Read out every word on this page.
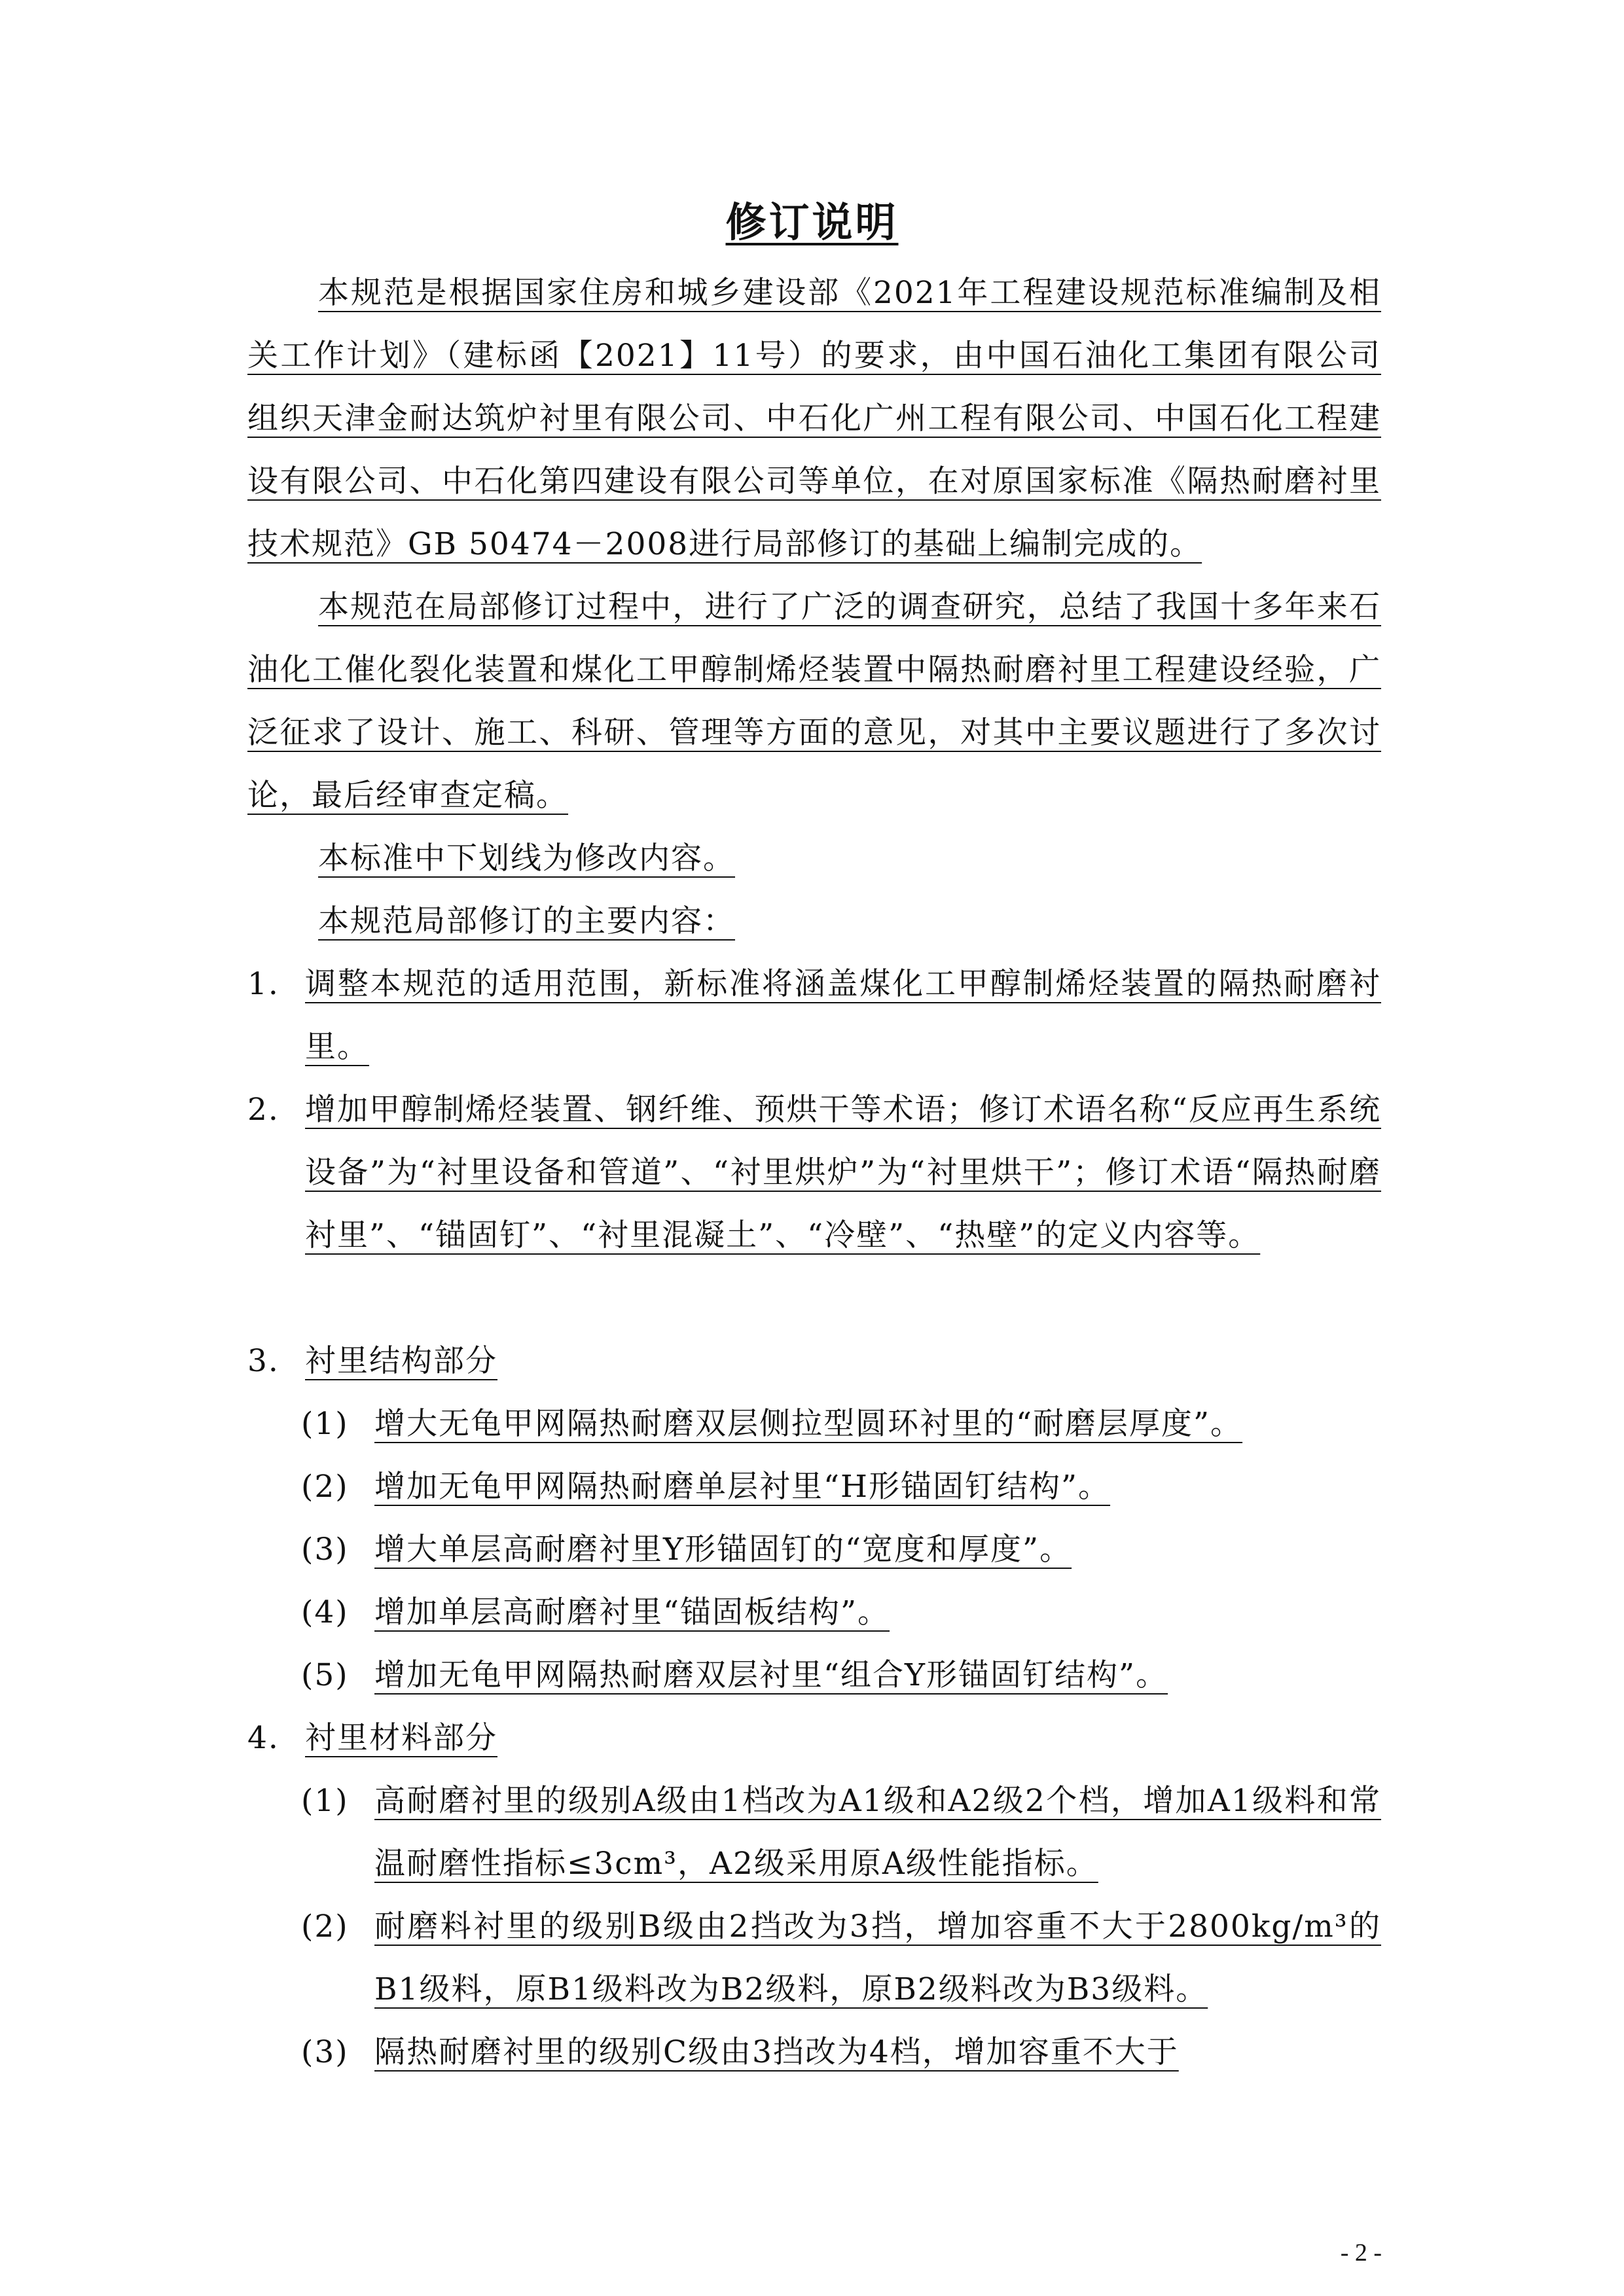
修订说明
本规范是根据国家住房和城乡建设部《2021年工程建设规范标准编制及相关工作计划》（建标函【2021】11号）的要求，由中国石油化工集团有限公司组织天津金耐达筑炉衬里有限公司、中石化广州工程有限公司、中国石化工程建设有限公司、中石化第四建设有限公司等单位，在对原国家标准《隔热耐磨衬里技术规范》GB 50474－2008进行局部修订的基础上编制完成的。
本规范在局部修订过程中，进行了广泛的调查研究，总结了我国十多年来石油化工催化裂化装置和煤化工甲醇制烯烃装置中隔热耐磨衬里工程建设经验，广泛征求了设计、施工、科研、管理等方面的意见，对其中主要议题进行了多次讨论，最后经审查定稿。
本标准中下划线为修改内容。
本规范局部修订的主要内容：
1. 调整本规范的适用范围，新标准将涵盖煤化工甲醇制烯烃装置的隔热耐磨衬里。
2. 增加甲醇制烯烃装置、钢纤维、预烘干等术语；修订术语名称“反应再生系统设备”为“衬里设备和管道”、“衬里烘炉”为“衬里烘干”；修订术语“隔热耐磨衬里”、“锚固钉”、“衬里混凝土”、“冷壁”、“热壁”的定义内容等。
3. 衬里结构部分
(1) 增大无龟甲网隔热耐磨双层侧拉型圆环衬里的“耐磨层厚度”。
(2) 增加无龟甲网隔热耐磨单层衬里“H形锚固钉结构”。
(3) 增大单层高耐磨衬里Y形锚固钉的“宽度和厚度”。
(4) 增加单层高耐磨衬里“锚固板结构”。
(5) 增加无龟甲网隔热耐磨双层衬里“组合Y形锚固钉结构”。
4. 衬里材料部分
(1) 高耐磨衬里的级别A级由1档改为A1级和A2级2个档，增加A1级料和常温耐磨性指标≤3cm³，A2级采用原A级性能指标。
(2) 耐磨料衬里的级别B级由2挡改为3挡，增加容重不大于2800kg/m³的B1级料，原B1级料改为B2级料，原B2级料改为B3级料。
(3) 隔热耐磨衬里的级别C级由3挡改为4档，增加容重不大于
- 2 -
